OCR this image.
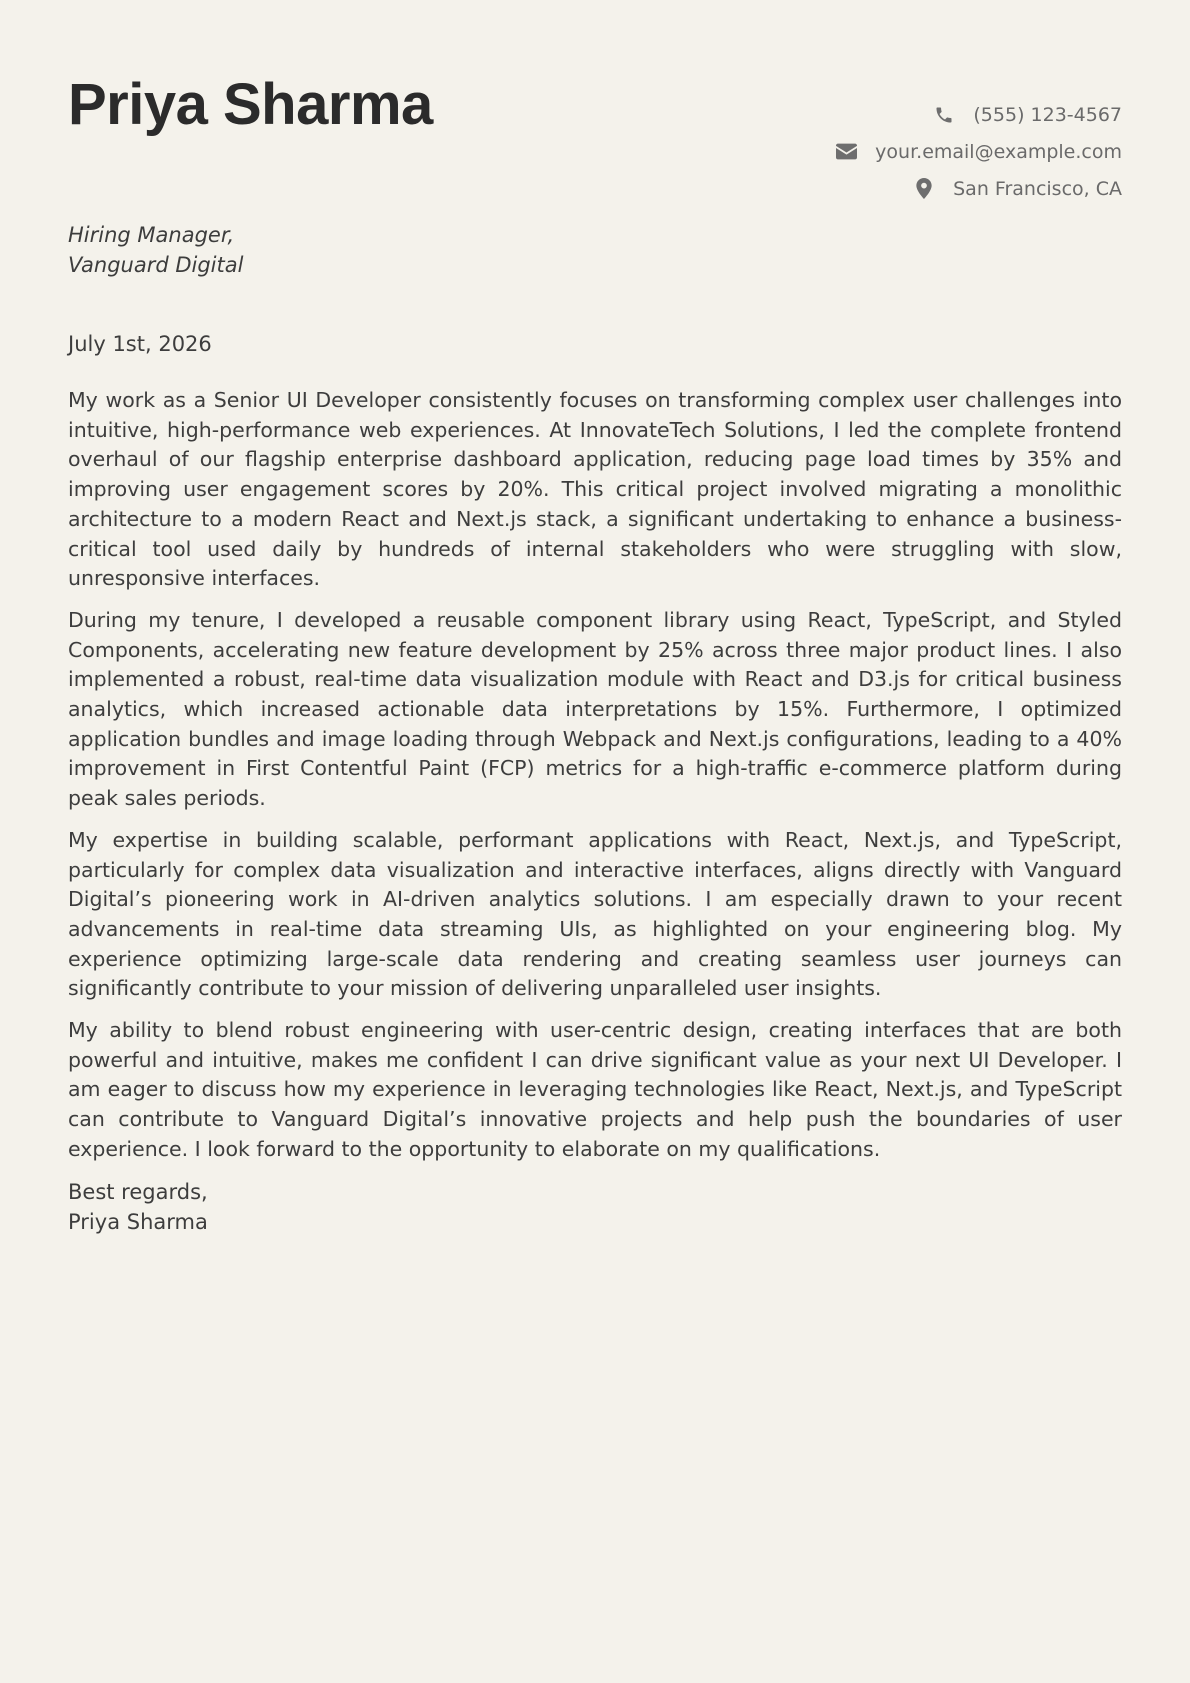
Priya Sharma	(555) 123-4567
your.email@example.com
San Francisco, CA
Hiring Manager,
Vanguard Digital
July 1st, 2026

My work as a Senior UI Developer consistently focuses on transforming complex user challenges into intuitive, high-performance web experiences. At InnovateTech Solutions, I led the complete frontend overhaul of our flagship enterprise dashboard application, reducing page load times by 35% and improving user engagement scores by 20%. This critical project involved migrating a monolithic architecture to a modern React and Next.js stack, a significant undertaking to enhance a business-critical tool used daily by hundreds of internal stakeholders who were struggling with slow, unresponsive interfaces.

During my tenure, I developed a reusable component library using React, TypeScript, and Styled Components, accelerating new feature development by 25% across three major product lines. I also implemented a robust, real-time data visualization module with React and D3.js for critical business analytics, which increased actionable data interpretations by 15%. Furthermore, I optimized application bundles and image loading through Webpack and Next.js configurations, leading to a 40% improvement in First Contentful Paint (FCP) metrics for a high-traffic e-commerce platform during peak sales periods.

My expertise in building scalable, performant applications with React, Next.js, and TypeScript, particularly for complex data visualization and interactive interfaces, aligns directly with Vanguard Digital’s pioneering work in AI-driven analytics solutions. I am especially drawn to your recent advancements in real-time data streaming UIs, as highlighted on your engineering blog. My experience optimizing large-scale data rendering and creating seamless user journeys can significantly contribute to your mission of delivering unparalleled user insights.

My ability to blend robust engineering with user-centric design, creating interfaces that are both powerful and intuitive, makes me confident I can drive significant value as your next UI Developer. I am eager to discuss how my experience in leveraging technologies like React, Next.js, and TypeScript can contribute to Vanguard Digital’s innovative projects and help push the boundaries of user experience. I look forward to the opportunity to elaborate on my qualifications.

Best regards,
Priya Sharma
